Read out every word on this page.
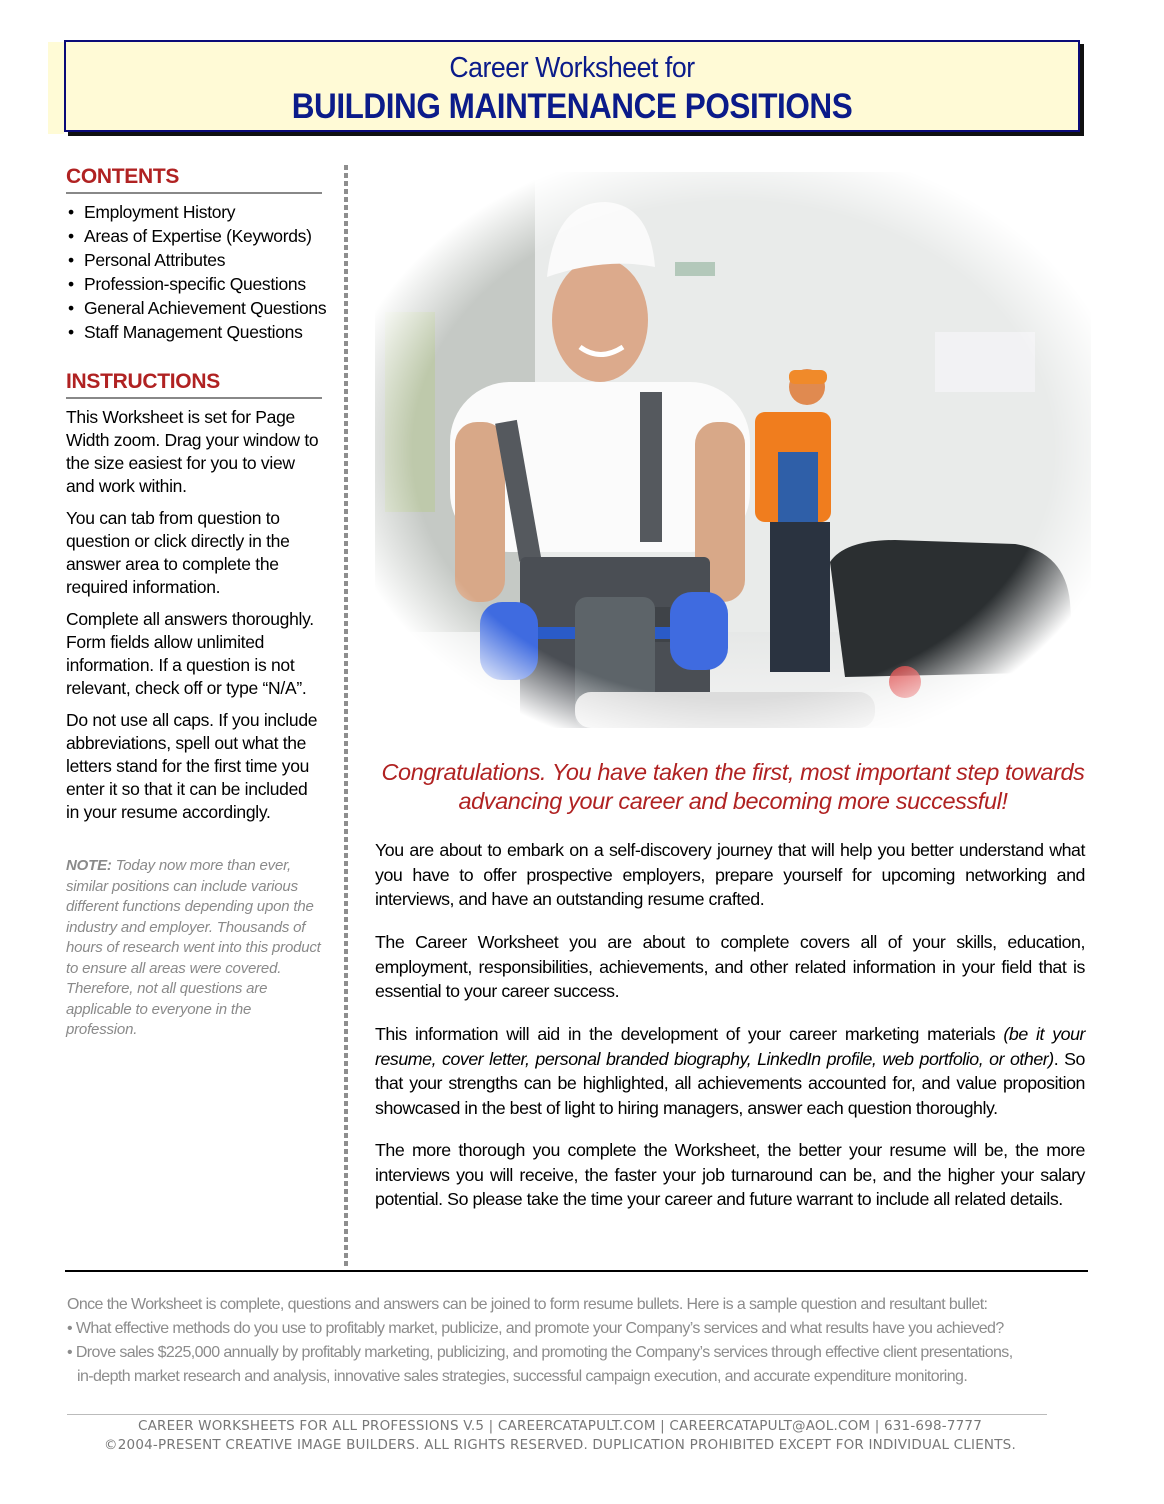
Career Worksheet for
BUILDING MAINTENANCE POSITIONS
CONTENTS
• Employment History
• Areas of Expertise (Keywords)
• Personal Attributes
• Profession-specific Questions
• General Achievement Questions
• Staff Management Questions
INSTRUCTIONS

This Worksheet is set for Page Width zoom. Drag your window to the size easiest for you to view and work within.

You can tab from question to question or click directly in the answer area to complete the required information.

Complete all answers thoroughly. Form fields allow unlimited information. If a question is not relevant, check off or type “N/A”.

Do not use all caps. If you include abbreviations, spell out what the letters stand for the first time you enter it so that it can be included in your resume accordingly.

NOTE: Today now more than ever, similar positions can include various different functions depending upon the industry and employer. Thousands of hours of research went into this product to ensure all areas were covered. Therefore, not all questions are applicable to everyone in the profession.
Congratulations. You have taken the first, most important step towards advancing your career and becoming more successful!
You are about to embark on a self-discovery journey that will help you better understand what you have to offer prospective employers, prepare yourself for upcoming networking and interviews, and have an outstanding resume crafted.
The Career Worksheet you are about to complete covers all of your skills, education, employment, responsibilities, achievements, and other related information in your field that is essential to your career success.
This information will aid in the development of your career marketing materials (be it your resume, cover letter, personal branded biography, LinkedIn profile, web portfolio, or other). So that your strengths can be highlighted, all achievements accounted for, and value proposition showcased in the best of light to hiring managers, answer each question thoroughly.
The more thorough you complete the Worksheet, the better your resume will be, the more interviews you will receive, the faster your job turnaround can be, and the higher your salary potential. So please take the time your career and future warrant to include all related details.
Once the Worksheet is complete, questions and answers can be joined to form resume bullets. Here is a sample question and resultant bullet:
• What effective methods do you use to profitably market, publicize, and promote your Company’s services and what results have you achieved?
• Drove sales $225,000 annually by profitably marketing, publicizing, and promoting the Company’s services through effective client presentations,
in-depth market research and analysis, innovative sales strategies, successful campaign execution, and accurate expenditure monitoring.
CAREER WORKSHEETS FOR ALL PROFESSIONS V.5 | CAREERCATAPULT.COM | CAREERCATAPULT@AOL.COM | 631-698-7777
©2004-PRESENT CREATIVE IMAGE BUILDERS. ALL RIGHTS RESERVED. DUPLICATION PROHIBITED EXCEPT FOR INDIVIDUAL CLIENTS.
